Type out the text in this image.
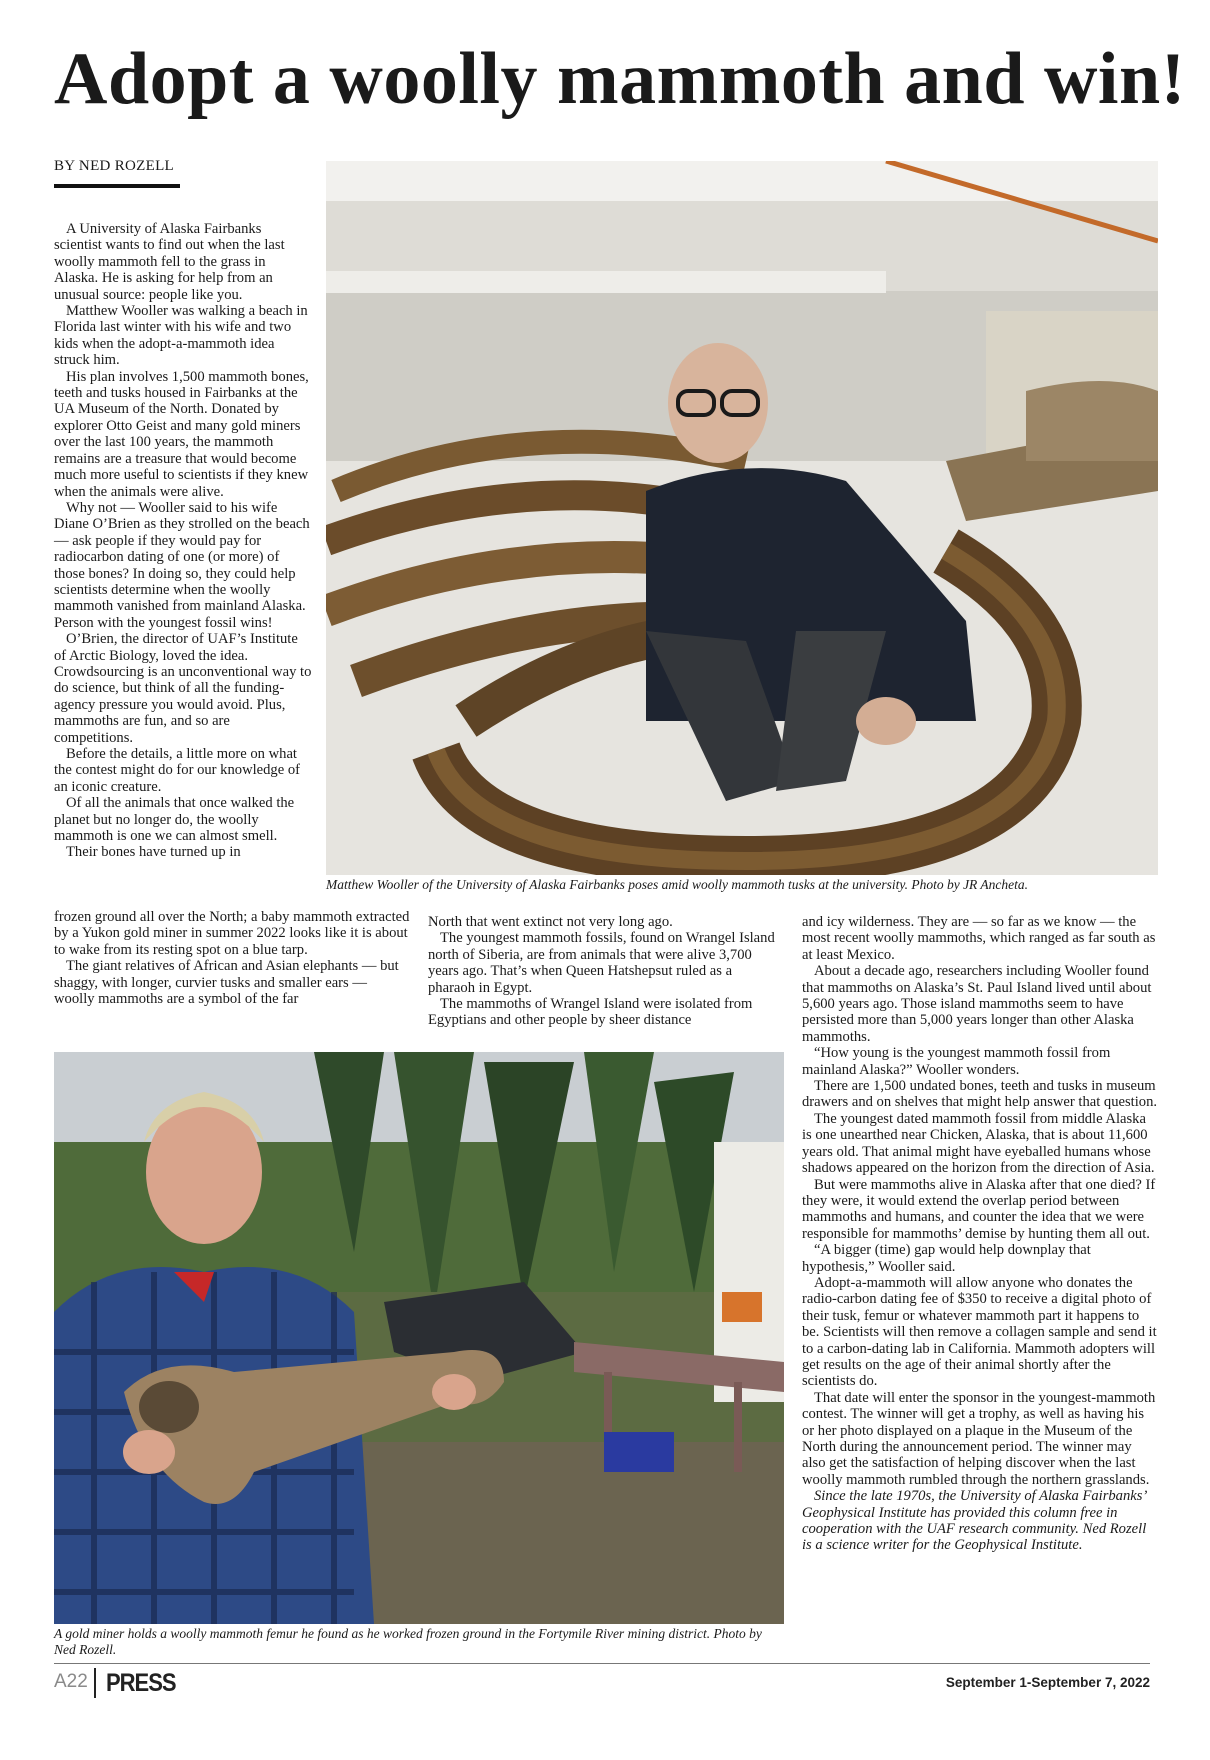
Adopt a woolly mammoth and win!
BY NED ROZELL
Matthew Wooller of the University of Alaska Fairbanks poses amid woolly mammoth tusks at the university. Photo by JR Ancheta.

A University of Alaska Fairbanks scientist wants to find out when the last woolly mammoth fell to the grass in Alaska. He is asking for help from an unusual source: people like you.

Matthew Wooller was walking a beach in Florida last winter with his wife and two kids when the adopt-a-mammoth idea struck him.

His plan involves 1,500 mammoth bones, teeth and tusks housed in Fairbanks at the UA Museum of the North. Donated by explorer Otto Geist and many gold miners over the last 100 years, the mammoth remains are a treasure that would become much more useful to scientists if they knew when the animals were alive.

Why not — Wooller said to his wife Diane O’Brien as they strolled on the beach — ask people if they would pay for radiocarbon dating of one (or more) of those bones? In doing so, they could help scientists determine when the woolly mammoth vanished from mainland Alaska. Person with the youngest fossil wins!

O’Brien, the director of UAF’s Institute of Arctic Biology, loved the idea. Crowdsourcing is an unconventional way to do science, but think of all the funding-agency pressure you would avoid. Plus, mammoths are fun, and so are competitions.

Before the details, a little more on what the contest might do for our knowledge of an iconic creature.

Of all the animals that once walked the planet but no longer do, the woolly mammoth is one we can almost smell.

Their bones have turned up in

frozen ground all over the North; a baby mammoth extracted by a Yukon gold miner in summer 2022 looks like it is about to wake from its resting spot on a blue tarp.

The giant relatives of African and Asian elephants — but shaggy, with longer, curvier tusks and smaller ears — woolly mammoths are a symbol of the far

North that went extinct not very long ago.

The youngest mammoth fossils, found on Wrangel Island north of Siberia, are from animals that were alive 3,700 years ago. That’s when Queen Hatshepsut ruled as a pharaoh in Egypt.

The mammoths of Wrangel Island were isolated from Egyptians and other people by sheer distance

and icy wilderness. They are — so far as we know — the most recent woolly mammoths, which ranged as far south as at least Mexico.

About a decade ago, researchers including Wooller found that mammoths on Alaska’s St. Paul Island lived until about 5,600 years ago. Those island mammoths seem to have persisted more than 5,000 years longer than other Alaska mammoths.

“How young is the youngest mammoth fossil from mainland Alaska?” Wooller wonders.

There are 1,500 undated bones, teeth and tusks in museum drawers and on shelves that might help answer that question.

The youngest dated mammoth fossil from middle Alaska is one unearthed near Chicken, Alaska, that is about 11,600 years old. That animal might have eyeballed humans whose shadows appeared on the horizon from the direction of Asia.

But were mammoths alive in Alaska after that one died? If they were, it would extend the overlap period between mammoths and humans, and counter the idea that we were responsible for mammoths’ demise by hunting them all out.

“A bigger (time) gap would help downplay that hypothesis,” Wooller said.

Adopt-a-mammoth will allow anyone who donates the radio-carbon dating fee of $350 to receive a digital photo of their tusk, femur or whatever mammoth part it happens to be. Scientists will then remove a collagen sample and send it to a carbon-dating lab in California. Mammoth adopters will get results on the age of their animal shortly after the scientists do.

That date will enter the sponsor in the youngest-mammoth contest. The winner will get a trophy, as well as having his or her photo displayed on a plaque in the Museum of the North during the announcement period. The winner may also get the satisfaction of helping discover when the last woolly mammoth rumbled through the northern grasslands.

Since the late 1970s, the University of Alaska Fairbanks’ Geophysical Institute has provided this column free in cooperation with the UAF research community. Ned Rozell is a science writer for the Geophysical Institute.

A gold miner holds a woolly mammoth femur he found as he worked frozen ground in the Fortymile River mining district. Photo by Ned Rozell.
A22 PRESS	September 1-September 7, 2022
